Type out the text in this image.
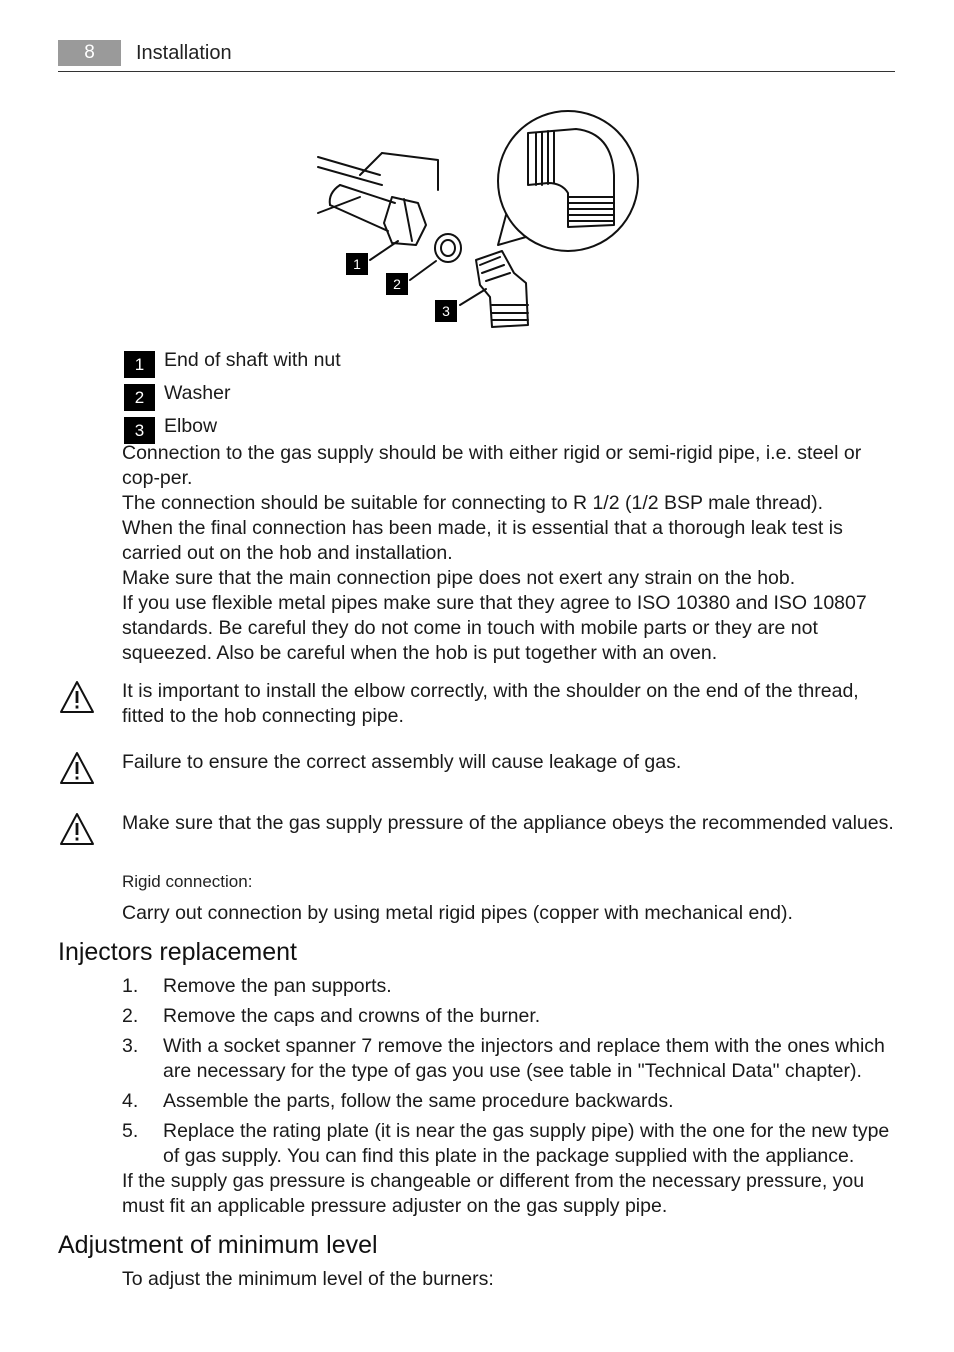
8	Installation
1
2
3
1	End of shaft with nut
2	Washer
3	Elbow

Connection to the gas supply should be with either rigid or semi-rigid pipe, i.e. steel or cop-per.

The connection should be suitable for connecting to R 1/2 (1/2 BSP male thread).

When the final connection has been made, it is essential that a thorough leak test is carried out on the hob and installation.

Make sure that the main connection pipe does not exert any strain on the hob.

If you use flexible metal pipes make sure that they agree to ISO 10380 and ISO 10807 standards. Be careful they do not come in touch with mobile parts or they are not squeezed. Also be careful when the hob is put together with an oven.

It is important to install the elbow correctly, with the shoulder on the end of the thread, fitted to the hob connecting pipe.
Failure to ensure the correct assembly will cause leakage of gas.
Make sure that the gas supply pressure of the appliance obeys the recommended values.
Rigid connection:
Carry out connection by using metal rigid pipes (copper with mechanical end).
Injectors replacement
1. Remove the pan supports.
2. Remove the caps and crowns of the burner.
3. With a socket spanner 7 remove the injectors and replace them with the ones which are necessary for the type of gas you use (see table in "Technical Data" chapter).
4. Assemble the parts, follow the same procedure backwards.
5. Replace the rating plate (it is near the gas supply pipe) with the one for the new type of gas supply. You can find this plate in the package supplied with the appliance.
If the supply gas pressure is changeable or different from the necessary pressure, you must fit an applicable pressure adjuster on the gas supply pipe.
Adjustment of minimum level
To adjust the minimum level of the burners:
